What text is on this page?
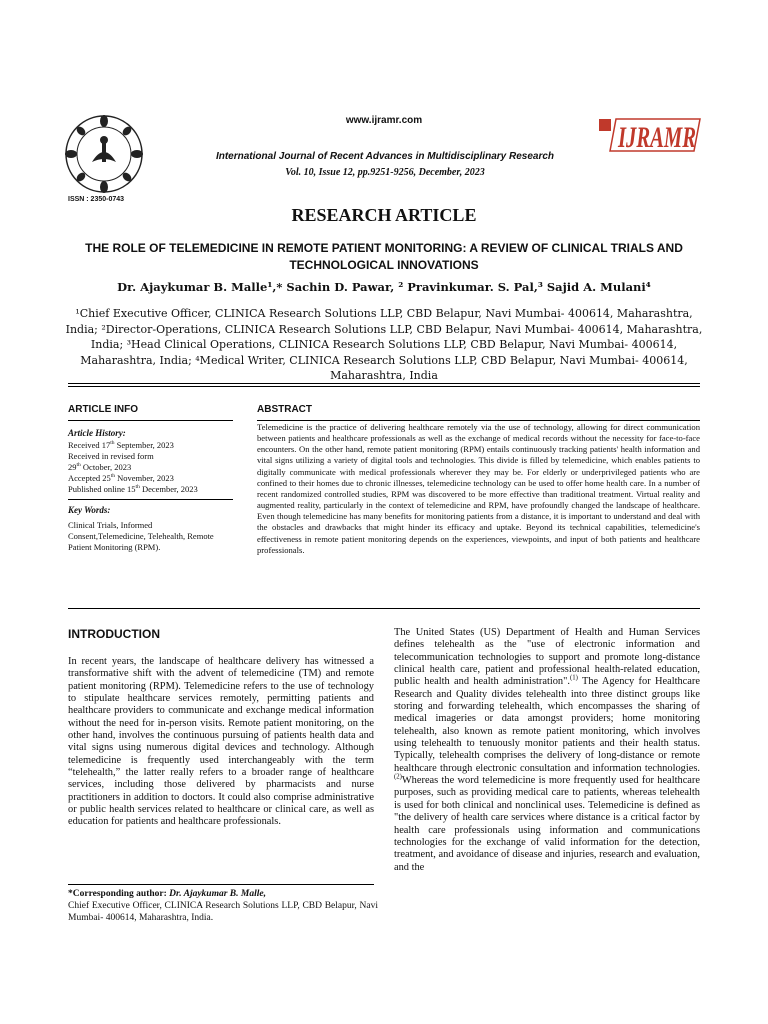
ISSN : 2350-0743
www.ijramr.com
International Journal of Recent Advances in Multidisciplinary Research
Vol. 10, Issue 12, pp.9251-9256, December, 2023
IJRAMR
RESEARCH ARTICLE
THE ROLE OF TELEMEDICINE IN REMOTE PATIENT MONITORING: A REVIEW OF CLINICAL TRIALS AND TECHNOLOGICAL INNOVATIONS
Dr. Ajaykumar B. Malle¹,* Sachin D. Pawar, ² Pravinkumar. S. Pal,³ Sajid A. Mulani⁴
¹Chief Executive Officer, CLINICA Research Solutions LLP, CBD Belapur, Navi Mumbai- 400614, Maharashtra, India; ²Director-Operations, CLINICA Research Solutions LLP, CBD Belapur, Navi Mumbai- 400614, Maharashtra, India; ³Head Clinical Operations, CLINICA Research Solutions LLP, CBD Belapur, Navi Mumbai- 400614, Maharashtra, India; ⁴Medical Writer, CLINICA Research Solutions LLP, CBD Belapur, Navi Mumbai- 400614, Maharashtra, India
ARTICLE INFO
Article History:
Received 17th September, 2023
Received in revised form
29th October, 2023
Accepted 25th November, 2023
Published online 15th December, 2023
Key Words:
Clinical Trials, Informed Consent,Telemedicine, Telehealth, Remote Patient Monitoring (RPM).
ABSTRACT
Telemedicine is the practice of delivering healthcare remotely via the use of technology, allowing for direct communication between patients and healthcare professionals as well as the exchange of medical records without the necessity for face-to-face encounters. On the other hand, remote patient monitoring (RPM) entails continuously tracking patients' health information and vital signs utilizing a variety of digital tools and technologies. This divide is filled by telemedicine, which enables patients to digitally communicate with medical professionals wherever they may be. For elderly or underprivileged patients who are confined to their homes due to chronic illnesses, telemedicine technology can be used to offer home health care. In a number of recent randomized controlled studies, RPM was discovered to be more effective than traditional treatment. Virtual reality and augmented reality, particularly in the context of telemedicine and RPM, have profoundly changed the landscape of healthcare. Even though telemedicine has many benefits for monitoring patients from a distance, it is important to understand and deal with the obstacles and drawbacks that might hinder its efficacy and uptake. Beyond its technical capabilities, telemedicine's effectiveness in remote patient monitoring depends on the experiences, viewpoints, and input of both patients and healthcare professionals.
INTRODUCTION
In recent years, the landscape of healthcare delivery has witnessed a transformative shift with the advent of telemedicine (TM) and remote patient monitoring (RPM). Telemedicine refers to the use of technology to stipulate healthcare services remotely, permitting patients and healthcare providers to communicate and exchange medical information without the need for in-person visits. Remote patient monitoring, on the other hand, involves the continuous pursuing of patients health data and vital signs using numerous digital devices and technology. Although telemedicine is frequently used interchangeably with the term “telehealth,” the latter really refers to a broader range of healthcare services, including those delivered by pharmacists and nurse practitioners in addition to doctors. It could also comprise administrative or public health services related to healthcare or clinical care, as well as education for patients and healthcare professionals.
The United States (US) Department of Health and Human Services defines telehealth as the "use of electronic information and telecommunication technologies to support and promote long-distance clinical health care, patient and professional health-related education, public health and health administration".$^{(1)}$ The Agency for Healthcare Research and Quality divides telehealth into three distinct groups like storing and forwarding telehealth, which encompasses the sharing of medical imageries or data amongst providers; home monitoring telehealth, also known as remote patient monitoring, which involves using telehealth to tenuously monitor patients and their health status. Typically, telehealth comprises the delivery of long-distance or remote healthcare through electronic consultation and information technologies.$^{(2)}$Whereas the word telemedicine is more frequently used for healthcare purposes, such as providing medical care to patients, whereas telehealth is used for both clinical and nonclinical uses. Telemedicine is defined as "the delivery of health care services where distance is a critical factor by health care professionals using information and communications technologies for the exchange of valid information for the detection, treatment, and avoidance of disease and injuries, research and evaluation, and the
*Corresponding author: Dr. Ajaykumar B. Malle,
Chief Executive Officer, CLINICA Research Solutions LLP, CBD Belapur, Navi Mumbai- 400614, Maharashtra, India.
